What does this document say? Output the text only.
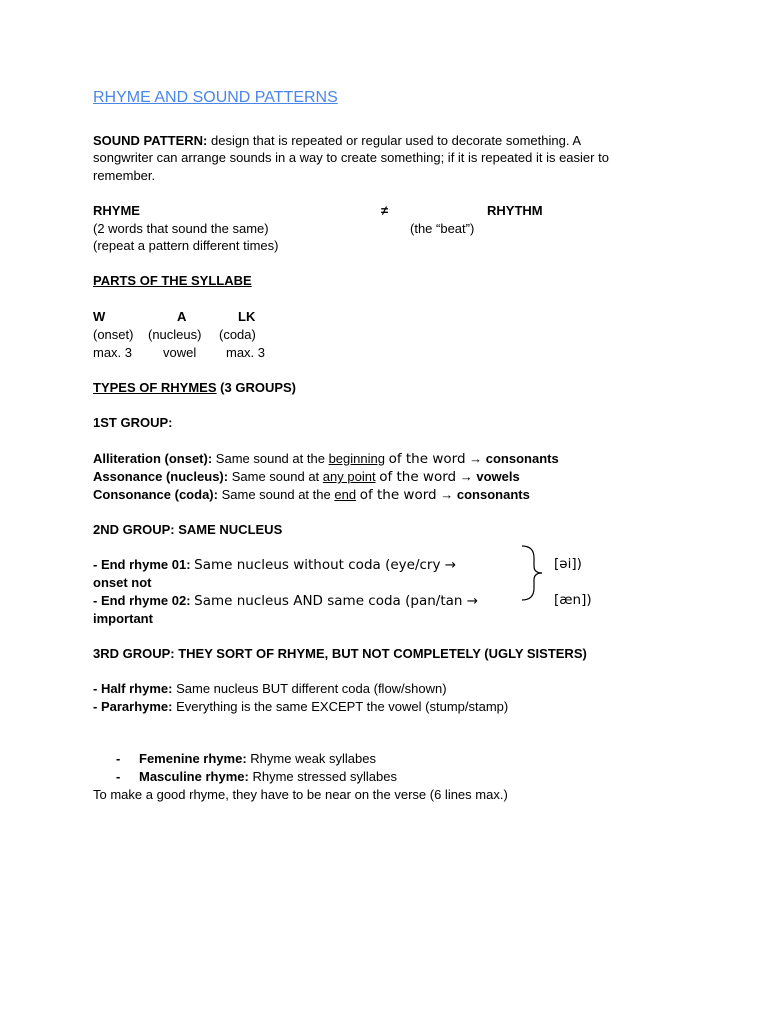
RHYME AND SOUND PATTERNS
SOUND PATTERN: design that is repeated or regular used to decorate something. A
songwriter can arrange sounds in a way to create something; if it is repeated it is easier to
remember.
RHYME	≠	RHYTHM
(2 words that sound the same)	(the “beat”)
(repeat a pattern different times)
PARTS OF THE SYLLABE
W	A	LK
(onset) (nucleus) (coda)
max. 3 vowel max. 3
TYPES OF RHYMES (3 GROUPS)
1ST GROUP:
Alliteration (onset): Same sound at the beginning of the word → consonants
Assonance (nucleus): Same sound at any point of the word → vowels
Consonance (coda): Same sound at the end of the word → consonants
2ND GROUP: SAME NUCLEUS
- End rhyme 01: Same nucleus without coda (eye/cry →	[əi])
onset not
- End rhyme 02: Same nucleus AND same coda (pan/tan →	[æn])
important
3RD GROUP: THEY SORT OF RHYME, BUT NOT COMPLETELY (UGLY SISTERS)
- Half rhyme: Same nucleus BUT different coda (flow/shown)
- Pararhyme: Everything is the same EXCEPT the vowel (stump/stamp)
- Femenine rhyme: Rhyme weak syllabes
- Masculine rhyme: Rhyme stressed syllabes
To make a good rhyme, they have to be near on the verse (6 lines max.)
